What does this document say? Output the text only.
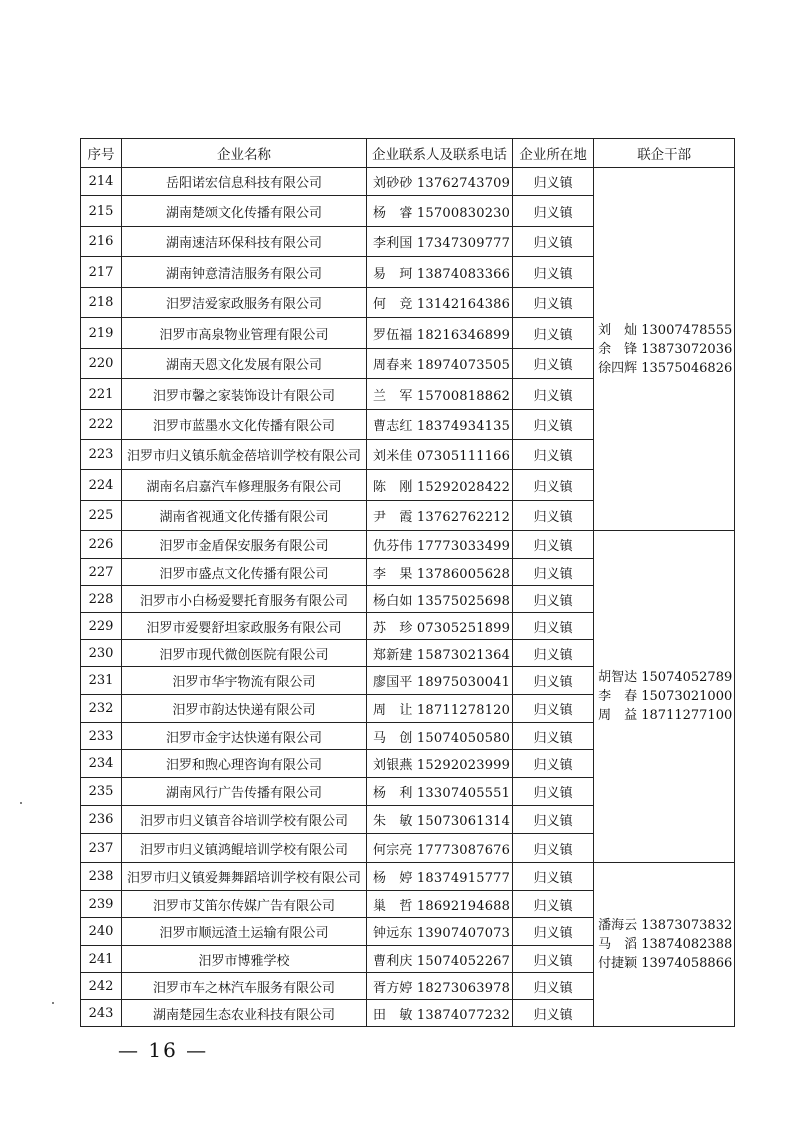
序号	企业名称	企业联系人及联系电话	企业所在地	联企干部
214	岳阳诺宏信息科技有限公司	刘砂砂 13762743709	归义镇	刘　灿 13007478555
余　锋 13873072036
徐四辉 13575046826

215	湖南楚颂文化传播有限公司	杨　睿 15700830230	归义镇	
216	湖南速洁环保科技有限公司	李利国 17347309777	归义镇	
217	湖南钟意清洁服务有限公司	易　珂 13874083366	归义镇	
218	汨罗洁爱家政服务有限公司	何　竞 13142164386	归义镇	
219	汨罗市高泉物业管理有限公司	罗伍福 18216346899	归义镇	
220	湖南天恩文化发展有限公司	周春来 18974073505	归义镇	
221	汨罗市馨之家装饰设计有限公司	兰　军 15700818862	归义镇	
222	汨罗市蓝墨水文化传播有限公司	曹志红 18374934135	归义镇	
223	汨罗市归义镇乐航金蓓培训学校有限公司	刘米佳 07305111166	归义镇	
224	湖南名启嘉汽车修理服务有限公司	陈　刚 15292028422	归义镇	
225	湖南省视通文化传播有限公司	尹　霞 13762762212	归义镇	
226	汨罗市金盾保安服务有限公司	仇芬伟 17773033499	归义镇	胡智达 15074052789
李　春 15073021000
周　益 18711277100

227	汨罗市盛点文化传播有限公司	李　果 13786005628	归义镇	
228	汨罗市小白杨爱婴托育服务有限公司	杨白如 13575025698	归义镇	
229	汨罗市爱婴舒坦家政服务有限公司	苏　珍 07305251899	归义镇	
230	汨罗市现代微创医院有限公司	郑新建 15873021364	归义镇	
231	汨罗市华宇物流有限公司	廖国平 18975030041	归义镇	
232	汨罗市韵达快递有限公司	周　让 18711278120	归义镇	
233	汨罗市金宇达快递有限公司	马　创 15074050580	归义镇	
234	汨罗和煦心理咨询有限公司	刘银燕 15292023999	归义镇	
235	湖南风行广告传播有限公司	杨　利 13307405551	归义镇	
236	汨罗市归义镇音谷培训学校有限公司	朱　敏 15073061314	归义镇	
237	汨罗市归义镇鸿鲲培训学校有限公司	何宗亮 17773087676	归义镇	
238	汨罗市归义镇爱舞舞蹈培训学校有限公司	杨　婷 18374915777	归义镇	潘海云 13873073832
马　滔 13874082388
付捷颖 13974058866

239	汨罗市艾笛尔传媒广告有限公司	巢　哲 18692194688	归义镇	
240	汨罗市顺远渣土运输有限公司	钟远东 13907407073	归义镇	
241	汨罗市博雅学校	曹利庆 15074052267	归义镇	
242	汨罗市车之林汽车服务有限公司	胥方婷 18273063978	归义镇	
243	湖南楚园生态农业科技有限公司	田　敏 13874077232	归义镇	
— 16 —
